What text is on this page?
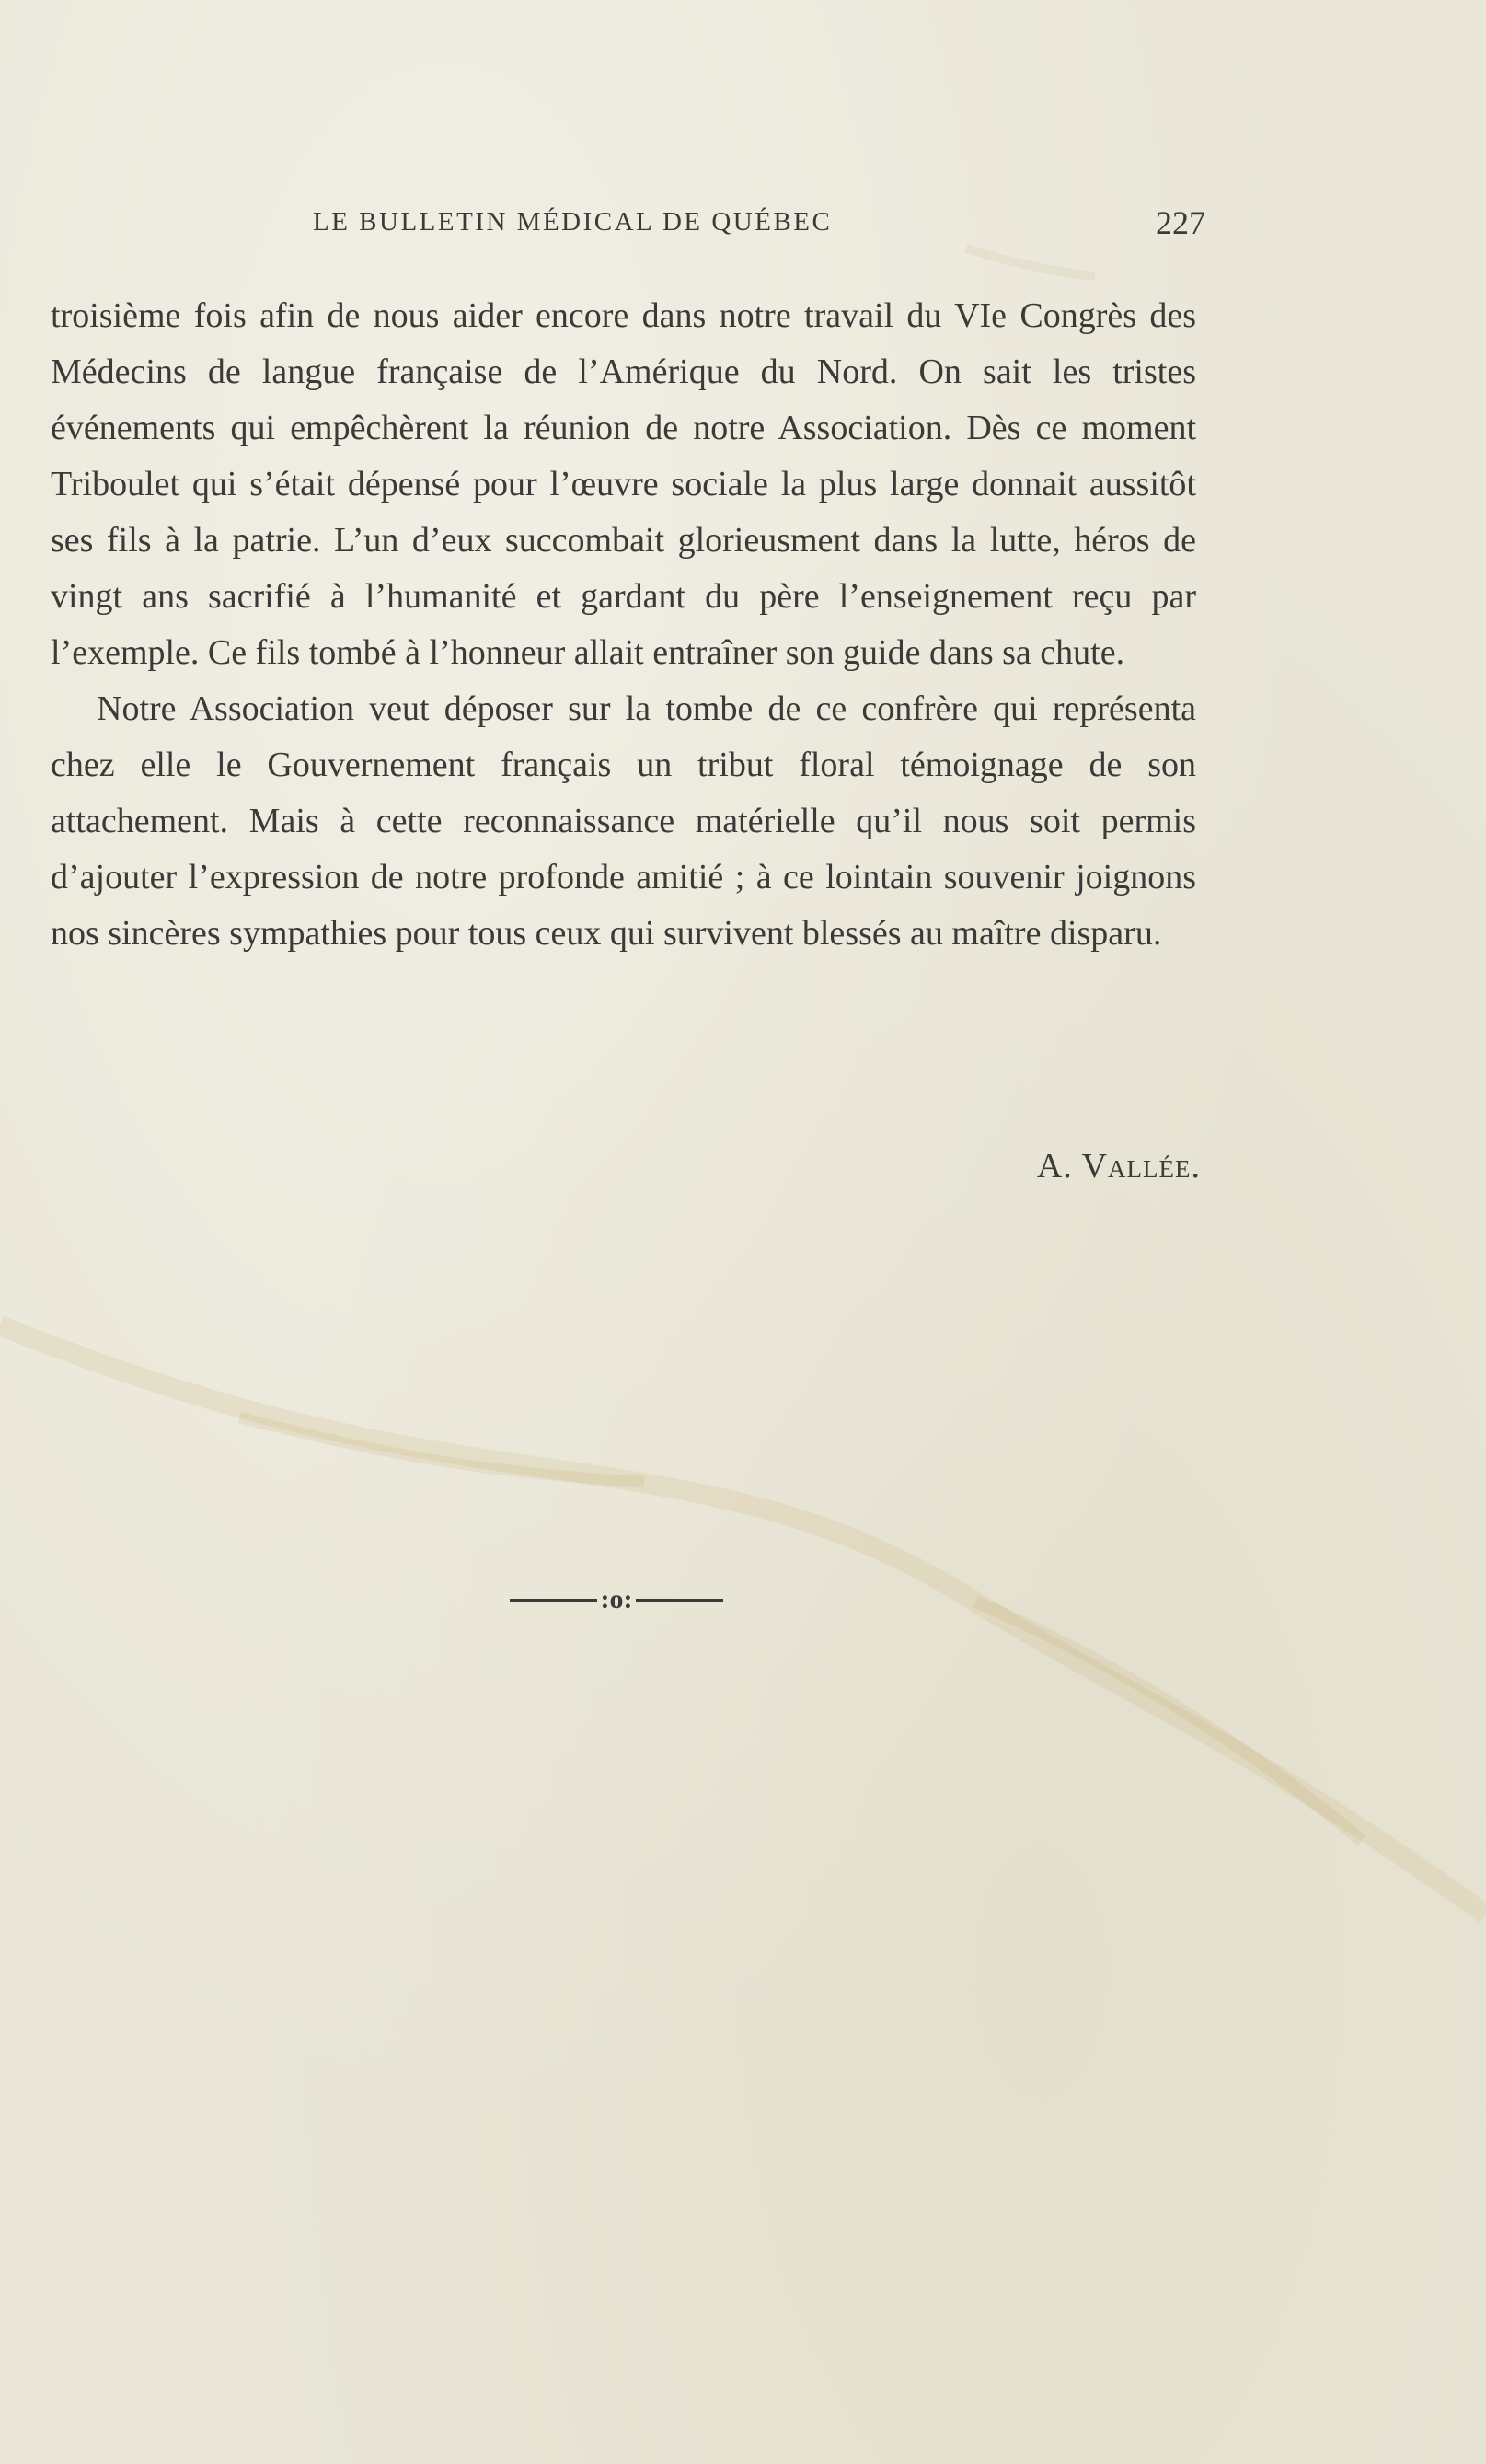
LE BULLETIN MÉDICAL DE QUÉBEC	227

troisième fois afin de nous aider encore dans notre travail du VIe Congrès des Médecins de langue française de l’Amérique du Nord. On sait les tristes événements qui empêchèrent la réunion de notre Association. Dès ce moment Triboulet qui s’était dépensé pour l’œuvre sociale la plus large donnait aussitôt ses fils à la patrie. L’un d’eux succombait glorieusment dans la lutte, héros de vingt ans sacrifié à l’humanité et gardant du père l’enseignement reçu par l’exemple. Ce fils tombé à l’honneur allait entraîner son guide dans sa chute.

Notre Association veut déposer sur la tombe de ce confrère qui représenta chez elle le Gouvernement français un tribut floral témoignage de son attachement. Mais à cette reconnaissance matérielle qu’il nous soit permis d’ajouter l’expression de notre profonde amitié ; à ce lointain souvenir joignons nos sincères sympathies pour tous ceux qui survivent blessés au maître disparu.

A. Vallée.
:o:
